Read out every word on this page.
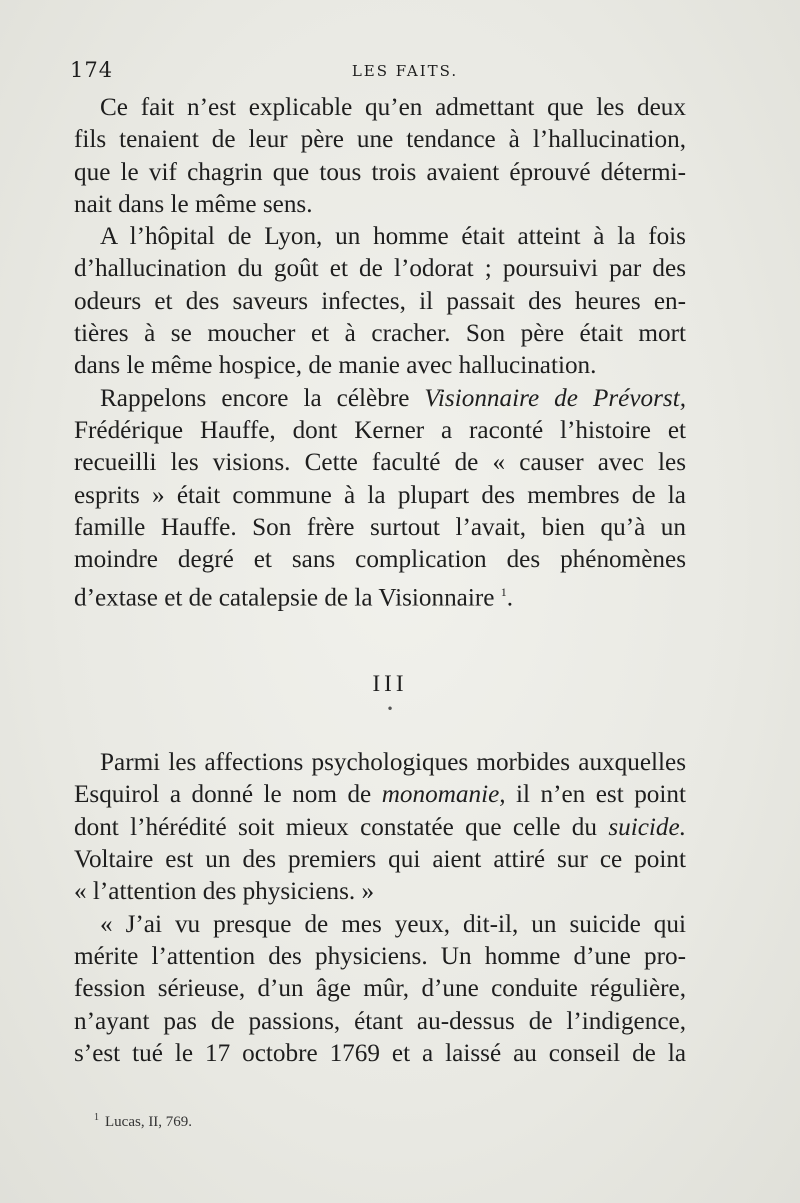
174	LES FAITS.
Ce fait n’est explicable qu’en admettant que les deux
fils tenaient de leur père une tendance à l’hallucination,
que le vif chagrin que tous trois avaient éprouvé détermi-
nait dans le même sens.
A l’hôpital de Lyon, un homme était atteint à la fois
d’hallucination du goût et de l’odorat ; poursuivi par des
odeurs et des saveurs infectes, il passait des heures en-
tières à se moucher et à cracher. Son père était mort
dans le même hospice, de manie avec hallucination.
Rappelons encore la célèbre Visionnaire de Prévorst,
Frédérique Hauffe, dont Kerner a raconté l’histoire et
recueilli les visions. Cette faculté de « causer avec les
esprits » était commune à la plupart des membres de la
famille Hauffe. Son frère surtout l’avait, bien qu’à un
moindre degré et sans complication des phénomènes
d’extase et de catalepsie de la Visionnaire $^1$.
III
•
Parmi les affections psychologiques morbides auxquelles
Esquirol a donné le nom de monomanie, il n’en est point
dont l’hérédité soit mieux constatée que celle du suicide.
Voltaire est un des premiers qui aient attiré sur ce point
« l’attention des physiciens. »
« J’ai vu presque de mes yeux, dit-il, un suicide qui
mérite l’attention des physiciens. Un homme d’une pro-
fession sérieuse, d’un âge mûr, d’une conduite régulière,
n’ayant pas de passions, étant au-dessus de l’indigence,
s’est tué le 17 octobre 1769 et a laissé au conseil de la
$^1$ Lucas, II, 769.
